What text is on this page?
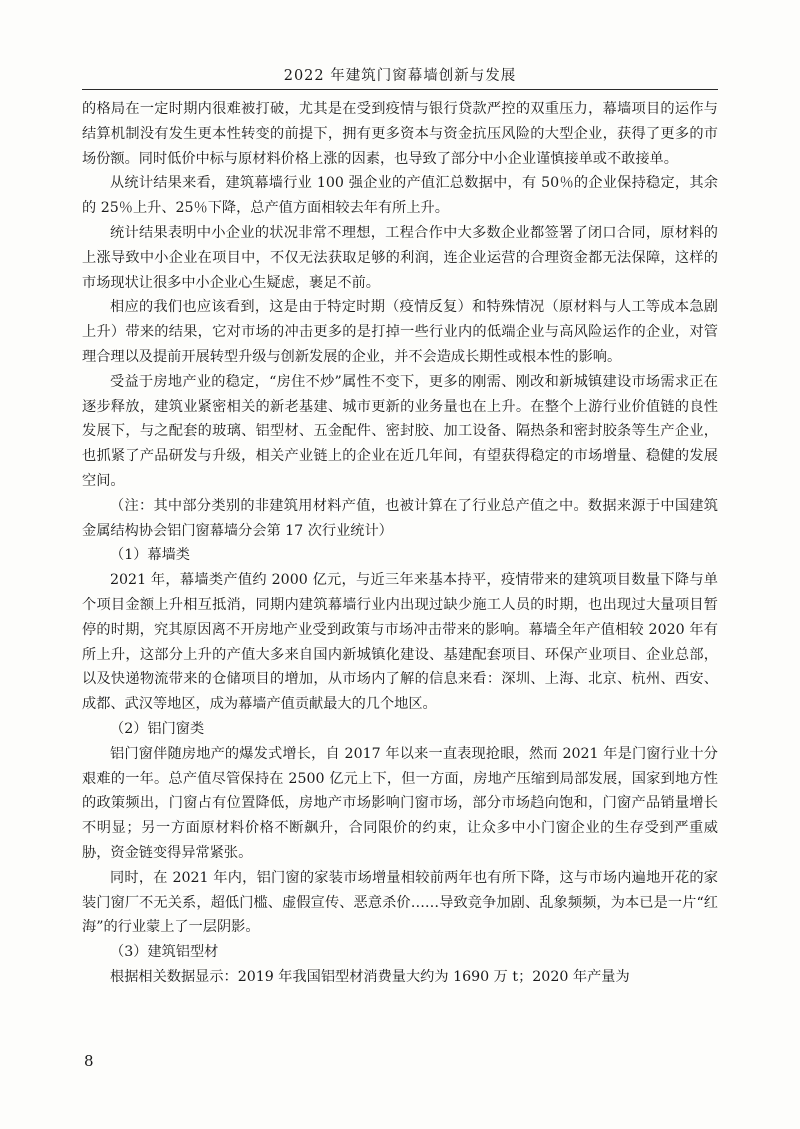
2022 年建筑门窗幕墙创新与发展

的格局在一定时期内很难被打破，尤其是在受到疫情与银行贷款严控的双重压力，幕墙项目的运作与结算机制没有发生更本性转变的前提下，拥有更多资本与资金抗压风险的大型企业，获得了更多的市场份额。同时低价中标与原材料价格上涨的因素，也导致了部分中小企业谨慎接单或不敢接单。

从统计结果来看，建筑幕墙行业 100 强企业的产值汇总数据中，有 50％的企业保持稳定，其余的 25％上升、25％下降，总产值方面相较去年有所上升。

统计结果表明中小企业的状况非常不理想，工程合作中大多数企业都签署了闭口合同，原材料的上涨导致中小企业在项目中，不仅无法获取足够的利润，连企业运营的合理资金都无法保障，这样的市场现状让很多中小企业心生疑虑，裹足不前。

相应的我们也应该看到，这是由于特定时期（疫情反复）和特殊情况（原材料与人工等成本急剧上升）带来的结果，它对市场的冲击更多的是打掉一些行业内的低端企业与高风险运作的企业，对管理合理以及提前开展转型升级与创新发展的企业，并不会造成长期性或根本性的影响。

受益于房地产业的稳定，“房住不炒”属性不变下，更多的刚需、刚改和新城镇建设市场需求正在逐步释放，建筑业紧密相关的新老基建、城市更新的业务量也在上升。在整个上游行业价值链的良性发展下，与之配套的玻璃、铝型材、五金配件、密封胶、加工设备、隔热条和密封胶条等生产企业，也抓紧了产品研发与升级，相关产业链上的企业在近几年间，有望获得稳定的市场增量、稳健的发展空间。

（注：其中部分类别的非建筑用材料产值，也被计算在了行业总产值之中。数据来源于中国建筑金属结构协会铝门窗幕墙分会第 17 次行业统计）

（1）幕墙类

2021 年，幕墙类产值约 2000 亿元，与近三年来基本持平，疫情带来的建筑项目数量下降与单个项目金额上升相互抵消，同期内建筑幕墙行业内出现过缺少施工人员的时期，也出现过大量项目暂停的时期，究其原因离不开房地产业受到政策与市场冲击带来的影响。幕墙全年产值相较 2020 年有所上升，这部分上升的产值大多来自国内新城镇化建设、基建配套项目、环保产业项目、企业总部，以及快递物流带来的仓储项目的增加，从市场内了解的信息来看：深圳、上海、北京、杭州、西安、成都、武汉等地区，成为幕墙产值贡献最大的几个地区。

（2）铝门窗类

铝门窗伴随房地产的爆发式增长，自 2017 年以来一直表现抢眼，然而 2021 年是门窗行业十分艰难的一年。总产值尽管保持在 2500 亿元上下，但一方面，房地产压缩到局部发展，国家到地方性的政策频出，门窗占有位置降低，房地产市场影响门窗市场，部分市场趋向饱和，门窗产品销量增长不明显；另一方面原材料价格不断飙升，合同限价的约束，让众多中小门窗企业的生存受到严重威胁，资金链变得异常紧张。

同时，在 2021 年内，铝门窗的家装市场增量相较前两年也有所下降，这与市场内遍地开花的家装门窗厂不无关系，超低门槛、虚假宣传、恶意杀价……导致竞争加剧、乱象频频，为本已是一片“红海”的行业蒙上了一层阴影。

（3）建筑铝型材

根据相关数据显示：2019 年我国铝型材消费量大约为 1690 万 t；2020 年产量为

8
